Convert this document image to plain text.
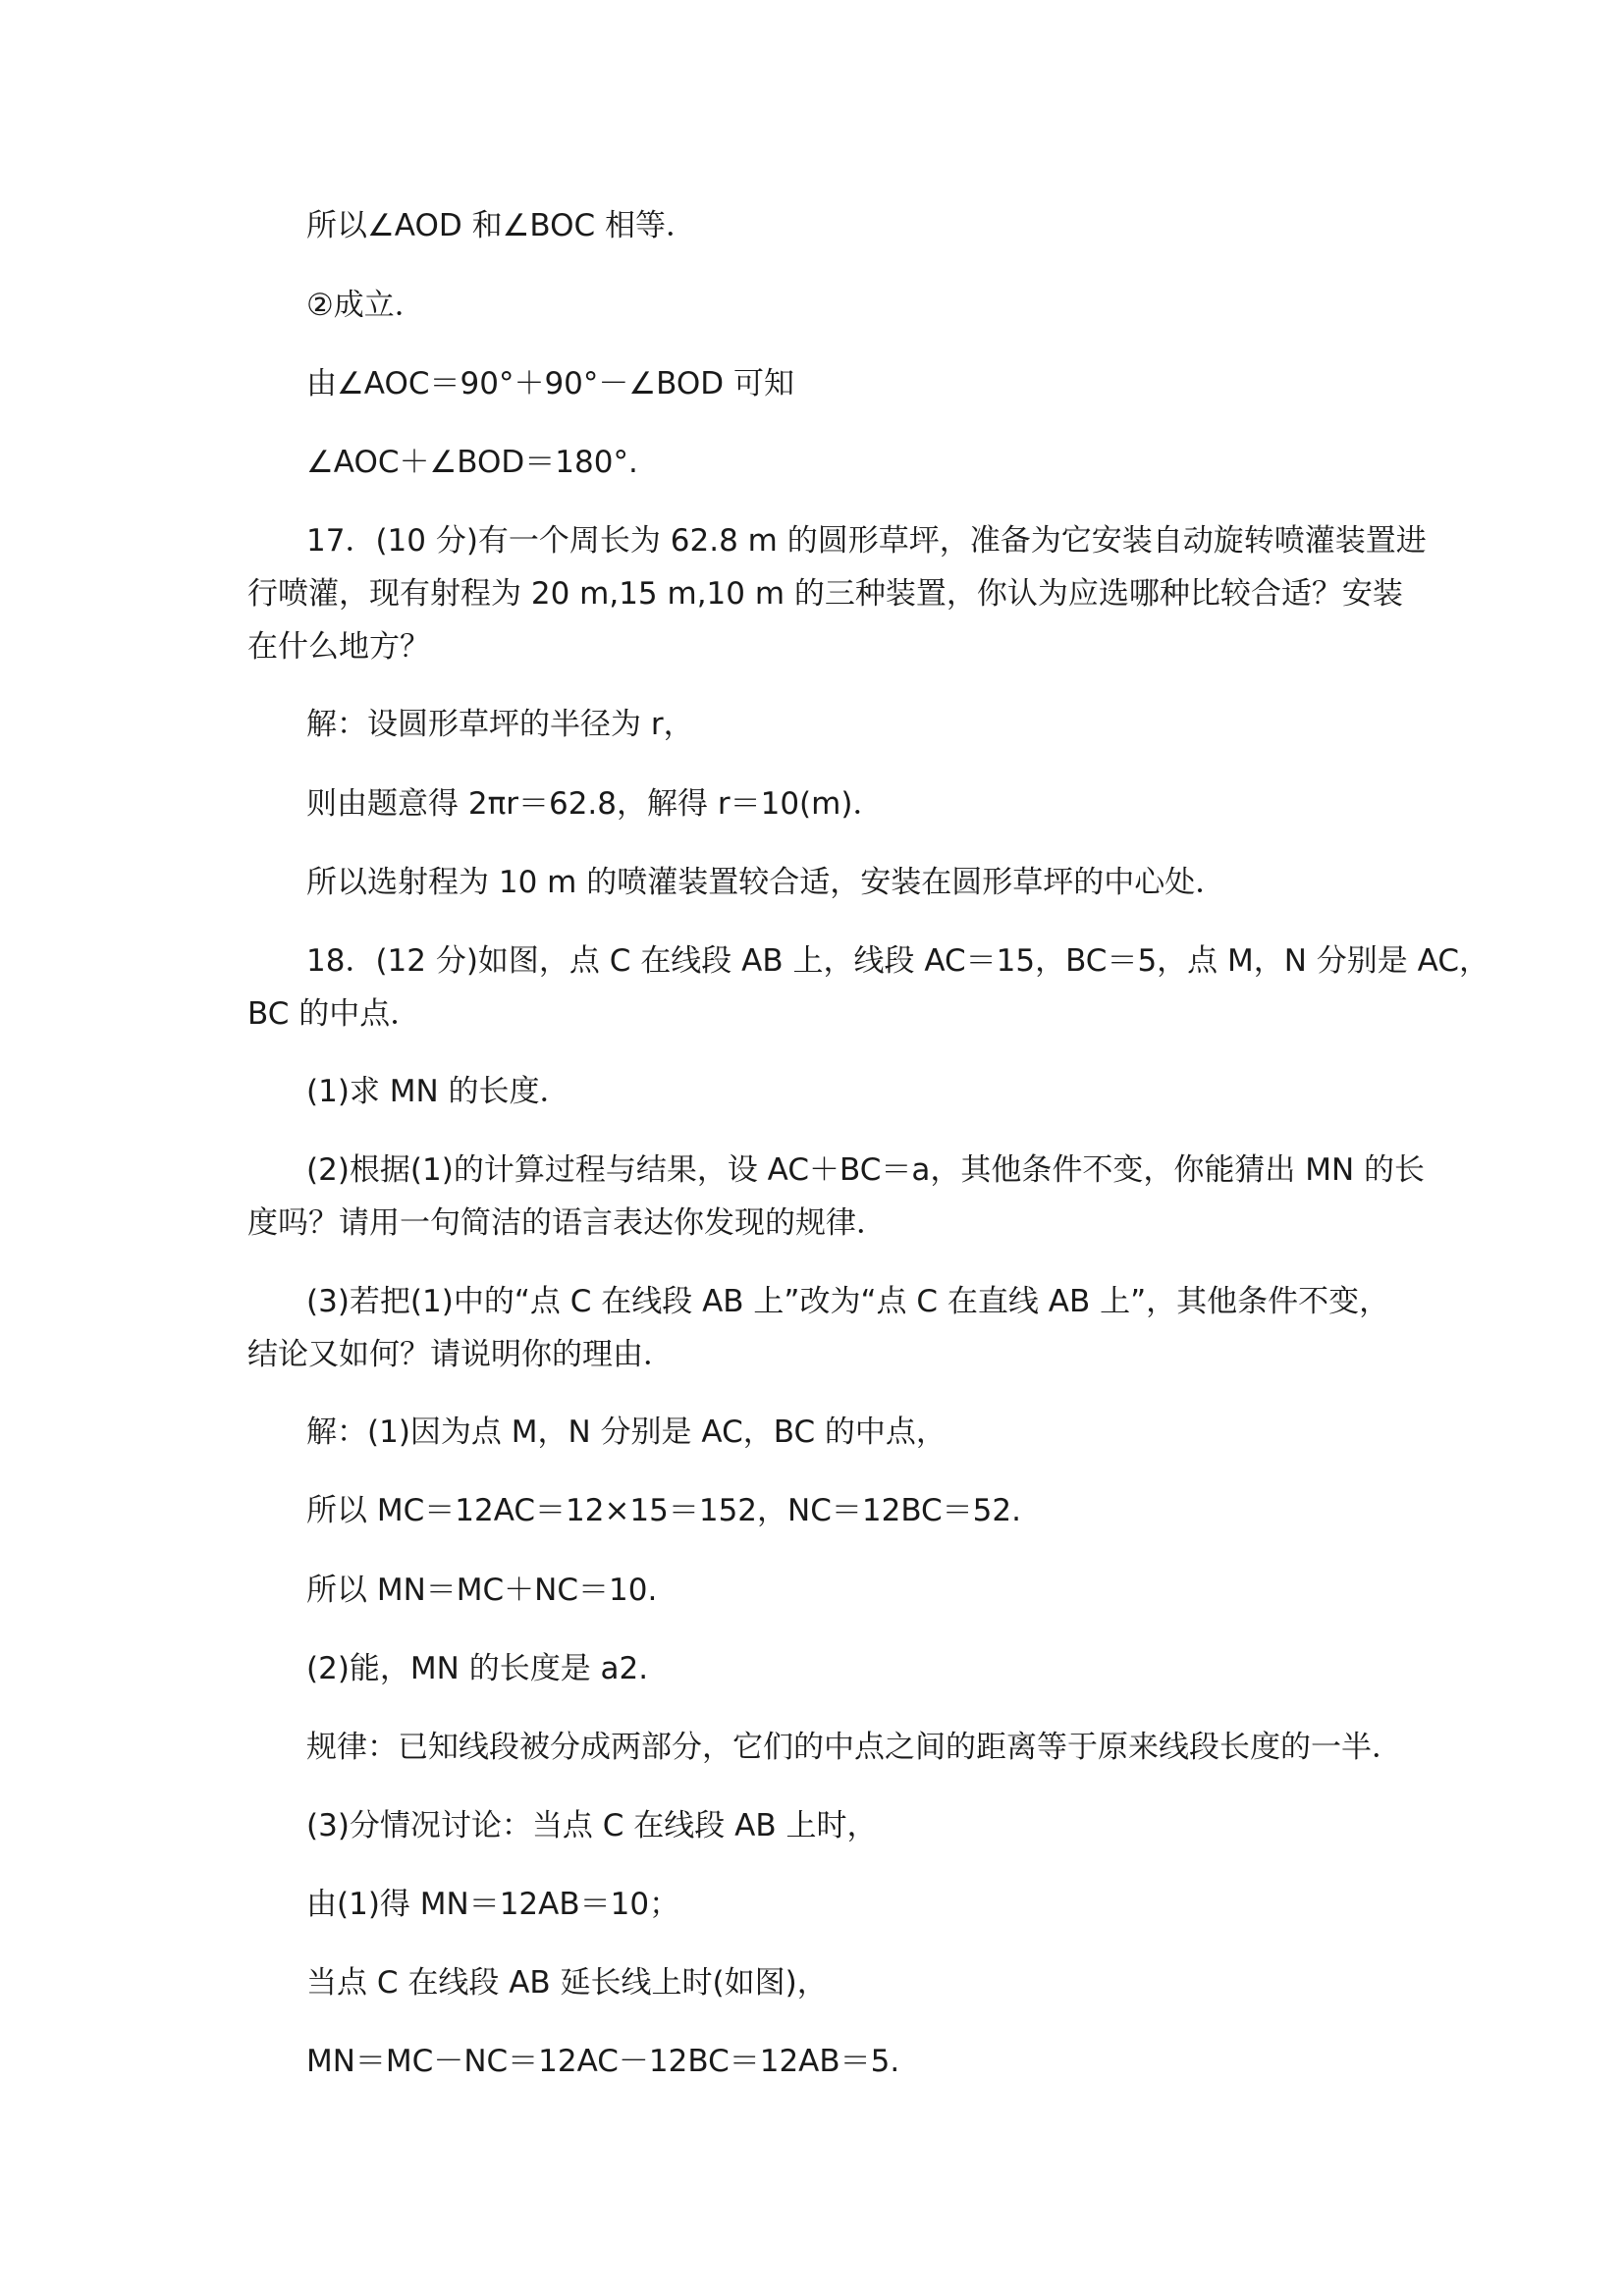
所以∠AOD 和∠BOC 相等．
②成立．
由∠AOC＝90°＋90°－∠BOD 可知
∠AOC＋∠BOD＝180°.
17．(10 分)有一个周长为 62.8 m 的圆形草坪，准备为它安装自动旋转喷灌装置进
行喷灌，现有射程为 20 m,15 m,10 m 的三种装置，你认为应选哪种比较合适？安装
在什么地方？
解：设圆形草坪的半径为 r，
则由题意得 2πr＝62.8，解得 r＝10(m)．
所以选射程为 10 m 的喷灌装置较合适，安装在圆形草坪的中心处．
18．(12 分)如图，点 C 在线段 AB 上，线段 AC＝15，BC＝5，点 M，N 分别是 AC，
BC 的中点．
(1)求 MN 的长度．
(2)根据(1)的计算过程与结果，设 AC＋BC＝a，其他条件不变，你能猜出 MN 的长
度吗？请用一句简洁的语言表达你发现的规律．
(3)若把(1)中的“点 C 在线段 AB 上”改为“点 C 在直线 AB 上”，其他条件不变，
结论又如何？请说明你的理由．
解：(1)因为点 M，N 分别是 AC，BC 的中点，
所以 MC＝12AC＝12×15＝152，NC＝12BC＝52.
所以 MN＝MC＋NC＝10.
(2)能，MN 的长度是 a2.
规律：已知线段被分成两部分，它们的中点之间的距离等于原来线段长度的一半．
(3)分情况讨论：当点 C 在线段 AB 上时，
由(1)得 MN＝12AB＝10；
当点 C 在线段 AB 延长线上时(如图)，
MN＝MC－NC＝12AC－12BC＝12AB＝5.
